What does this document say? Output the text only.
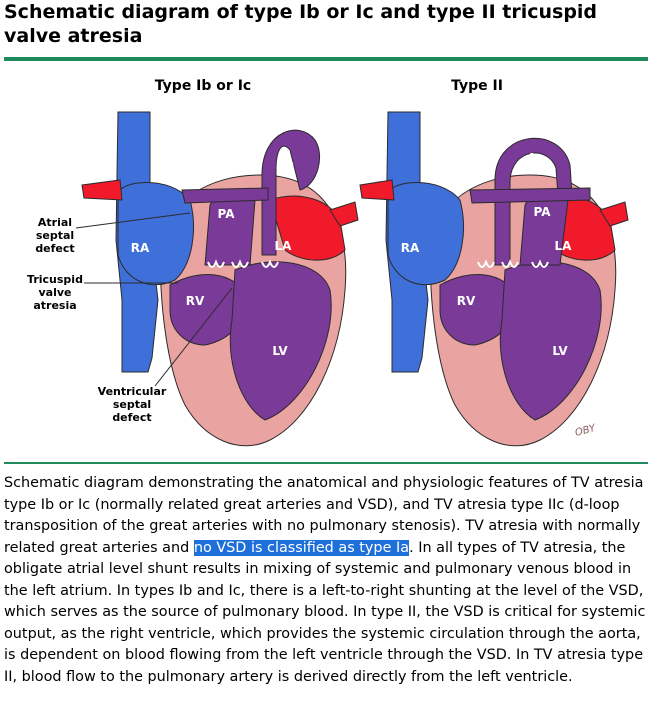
Schematic diagram of type Ib or Ic and type II tricuspid valve atresia
Type Ib or Ic
RA
PA
Ao
LA
RV
LV
Atrial
septal
defect
Tricuspid
valve
atresia
Ventricular
septal
defect
Type II
RA
PA
Ao
LA
RV
LV
OBY

Schematic diagram demonstrating the anatomical and physiologic features of TV atresia type Ib or Ic (normally related great arteries and VSD), and TV atresia type IIc (d-loop transposition of the great arteries with no pulmonary stenosis). TV atresia with normally related great arteries and no VSD is classified as type Ia. In all types of TV atresia, the obligate atrial level shunt results in mixing of systemic and pulmonary venous blood in the left atrium. In types Ib and Ic, there is a left-to-right shunting at the level of the VSD, which serves as the source of pulmonary blood. In type II, the VSD is critical for systemic output, as the right ventricle, which provides the systemic circulation through the aorta, is dependent on blood flowing from the left ventricle through the VSD. In TV atresia type II, blood flow to the pulmonary artery is derived directly from the left ventricle.
